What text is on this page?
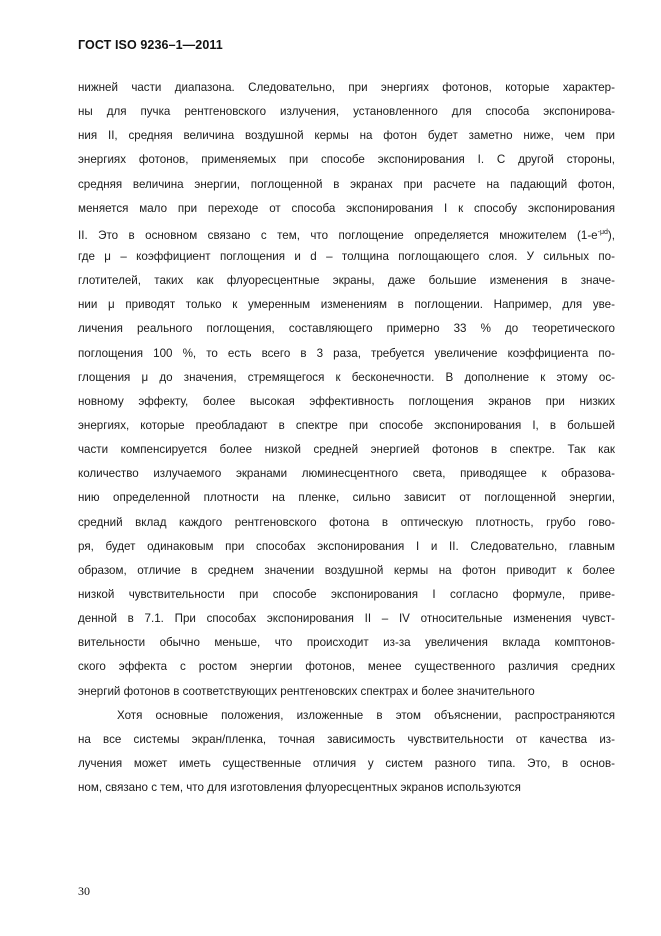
ГОСТ ISO 9236–1—2011
нижней части диапазона. Следовательно, при энергиях фотонов, которые характер-
ны для пучка рентгеновского излучения, установленного для способа экспонирова-
ния II, средняя величина воздушной кермы на фотон будет заметно ниже, чем при
энергиях фотонов, применяемых при способе экспонирования I. С другой стороны,
средняя величина энергии, поглощенной в экранах при расчете на падающий фотон,
меняется мало при переходе от способа экспонирования I к способу экспонирования
II. Это в основном связано с тем, что поглощение определяется множителем $(1-e^{-\mu d})$,
где μ – коэффициент поглощения и d – толщина поглощающего слоя. У сильных по-
глотителей, таких как флуоресцентные экраны, даже большие изменения в значе-
нии μ приводят только к умеренным изменениям в поглощении. Например, для уве-
личения реального поглощения, составляющего примерно 33 % до теоретического
поглощения 100 %, то есть всего в 3 раза, требуется увеличение коэффициента по-
глощения μ до значения, стремящегося к бесконечности. В дополнение к этому ос-
новному эффекту, более высокая эффективность поглощения экранов при низких
энергиях, которые преобладают в спектре при способе экспонирования I, в большей
части компенсируется более низкой средней энергией фотонов в спектре. Так как
количество излучаемого экранами люминесцентного света, приводящее к образова-
нию определенной плотности на пленке, сильно зависит от поглощенной энергии,
средний вклад каждого рентгеновского фотона в оптическую плотность, грубо гово-
ря, будет одинаковым при способах экспонирования I и II. Следовательно, главным
образом, отличие в среднем значении воздушной кермы на фотон приводит к более
низкой чувствительности при способе экспонирования I согласно формуле, приве-
денной в 7.1. При способах экспонирования II – IV относительные изменения чувст-
вительности обычно меньше, что происходит из-за увеличения вклада комптонов-
ского эффекта с ростом энергии фотонов, менее существенного различия средних
энергий фотонов в соответствующих рентгеновских спектрах и более значительного
Хотя основные положения, изложенные в этом объяснении, распространяются
на все системы экран/пленка, точная зависимость чувствительности от качества из-
лучения может иметь существенные отличия у систем разного типа. Это, в основ-
ном, связано с тем, что для изготовления флуоресцентных экранов используются
30
